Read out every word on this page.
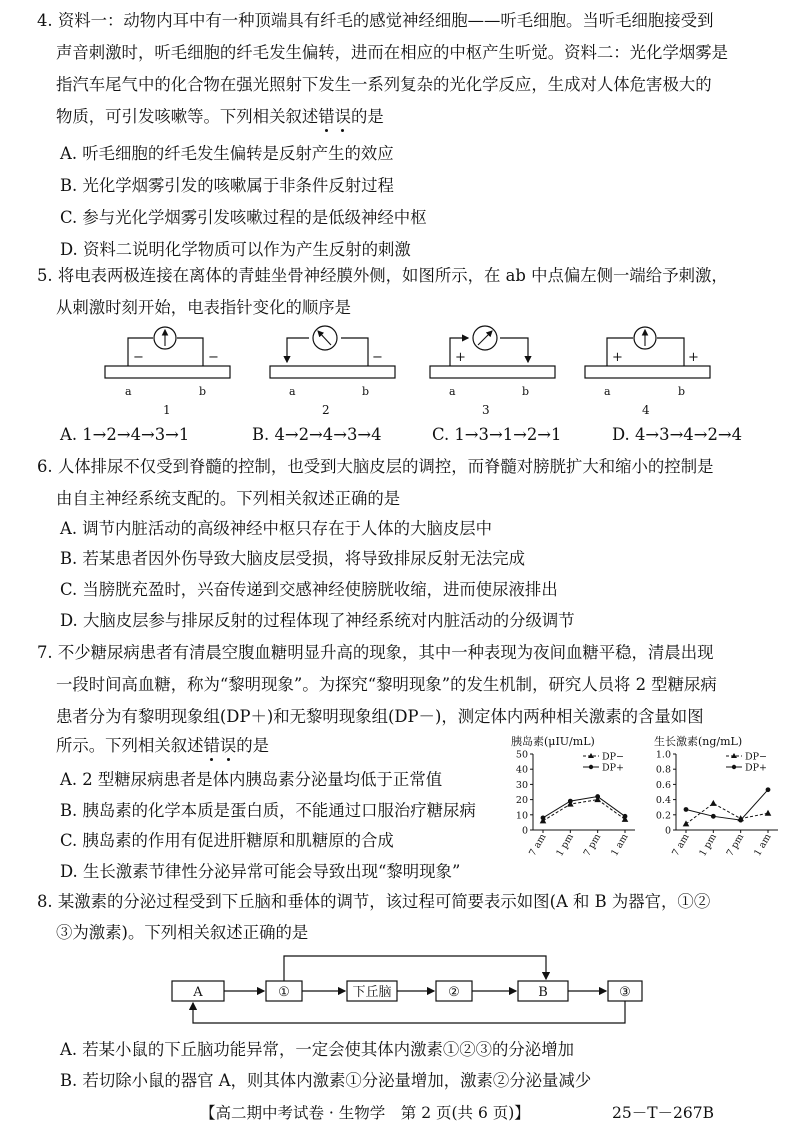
4. 资料一：动物内耳中有一种顶端具有纤毛的感觉神经细胞——听毛细胞。当听毛细胞接受到
声音刺激时，听毛细胞的纤毛发生偏转，进而在相应的中枢产生听觉。资料二：光化学烟雾是
指汽车尾气中的化合物在强光照射下发生一系列复杂的光化学反应，生成对人体危害极大的
物质，可引发咳嗽等。下列相关叙述错误的是
A. 听毛细胞的纤毛发生偏转是反射产生的效应
B. 光化学烟雾引发的咳嗽属于非条件反射过程
C. 参与光化学烟雾引发咳嗽过程的是低级神经中枢
D. 资料二说明化学物质可以作为产生反射的刺激
5. 将电表两极连接在离体的青蛙坐骨神经膜外侧，如图所示，在 ab 中点偏左侧一端给予刺激，
从刺激时刻开始，电表指针变化的顺序是
−	−
a	b
1
−
a	b
2
+
a	b
3
+	+
a	b
4
A. 1→2→4→3→1	B. 4→2→4→3→4	C. 1→3→1→2→1	D. 4→3→4→2→4
6. 人体排尿不仅受到脊髓的控制，也受到大脑皮层的调控，而脊髓对膀胱扩大和缩小的控制是
由自主神经系统支配的。下列相关叙述正确的是
A. 调节内脏活动的高级神经中枢只存在于人体的大脑皮层中
B. 若某患者因外伤导致大脑皮层受损，将导致排尿反射无法完成
C. 当膀胱充盈时，兴奋传递到交感神经使膀胱收缩，进而使尿液排出
D. 大脑皮层参与排尿反射的过程体现了神经系统对内脏活动的分级调节
7. 不少糖尿病患者有清晨空腹血糖明显升高的现象，其中一种表现为夜间血糖平稳，清晨出现
一段时间高血糖，称为“黎明现象”。为探究“黎明现象”的发生机制，研究人员将 2 型糖尿病
患者分为有黎明现象组(DP＋)和无黎明现象组(DP－)，测定体内两种相关激素的含量如图
所示。下列相关叙述错误的是
A. 2 型糖尿病患者是体内胰岛素分泌量均低于正常值
B. 胰岛素的化学本质是蛋白质，不能通过口服治疗糖尿病
C. 胰岛素的作用有促进肝糖原和肌糖原的合成
D. 生长激素节律性分泌异常可能会导致出现“黎明现象”
胰岛素(μIU/mL)
0
10
20
30
40
50
7 am 1 pm 7 pm 1 am
DP−
DP+
生长激素(ng/mL)
0
0.2
0.4
0.6
0.8
1.0
7 am 1 pm 7 pm 1 am
DP−
DP+
8. 某激素的分泌过程受到下丘脑和垂体的调节，该过程可简要表示如图(A 和 B 为器官，①②
③为激素)。下列相关叙述正确的是
A	①	下丘脑	②	B	③
A. 若某小鼠的下丘脑功能异常，一定会使其体内激素①②③的分泌增加
B. 若切除小鼠的器官 A，则其体内激素①分泌量增加，激素②分泌量减少
【高二期中考试卷 · 生物学　第 2 页(共 6 页)】	25－T－267B
